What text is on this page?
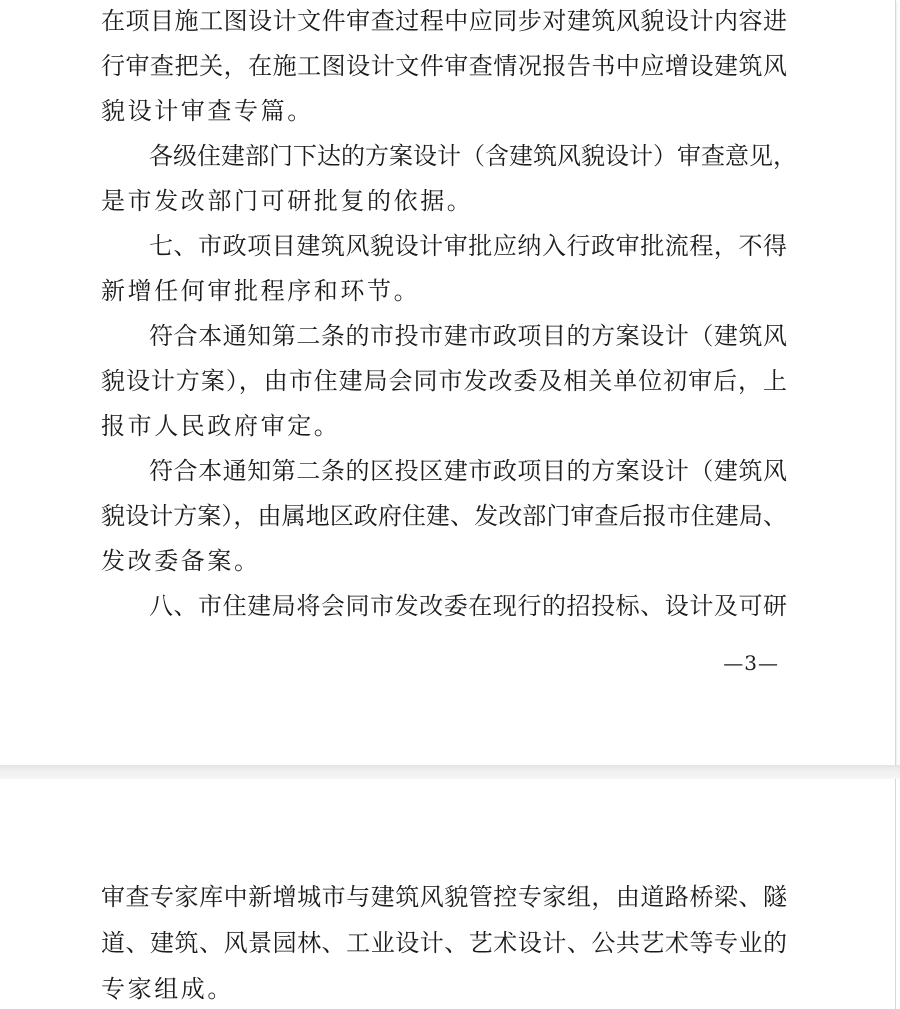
在项目施工图设计文件审查过程中应同步对建筑风貌设计内容进
行审查把关，在施工图设计文件审查情况报告书中应增设建筑风
貌设计审查专篇。
各级住建部门下达的方案设计（含建筑风貌设计）审查意见，
是市发改部门可研批复的依据。
七、市政项目建筑风貌设计审批应纳入行政审批流程，不得
新增任何审批程序和环节。
符合本通知第二条的市投市建市政项目的方案设计（建筑风
貌设计方案），由市住建局会同市发改委及相关单位初审后，上
报市人民政府审定。
符合本通知第二条的区投区建市政项目的方案设计（建筑风
貌设计方案），由属地区政府住建、发改部门审查后报市住建局、
发改委备案。
八、市住建局将会同市发改委在现行的招投标、设计及可研
—3—
审查专家库中新增城市与建筑风貌管控专家组，由道路桥梁、隧
道、建筑、风景园林、工业设计、艺术设计、公共艺术等专业的
专家组成。
